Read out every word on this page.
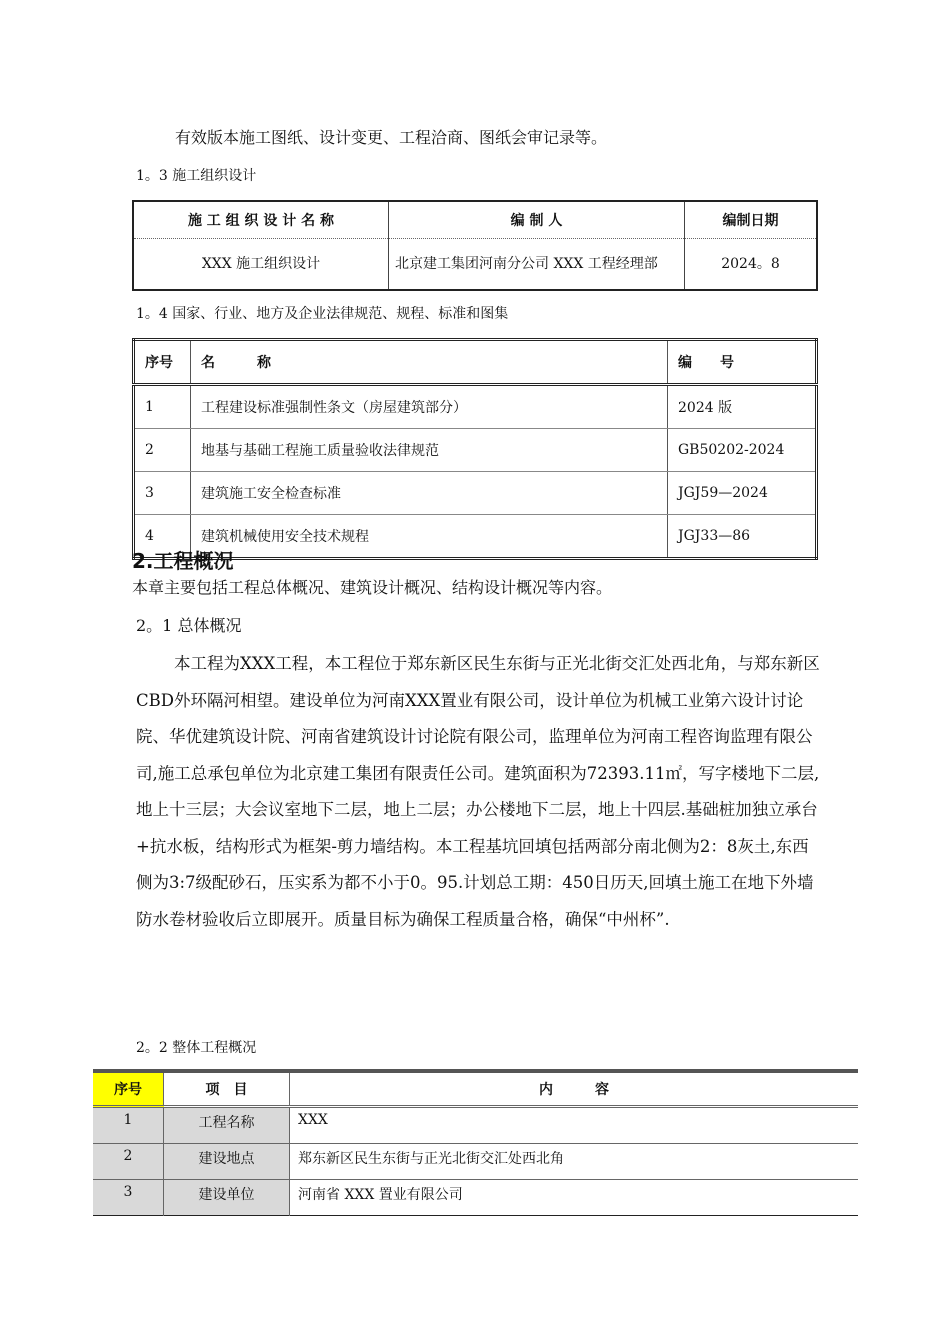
有效版本施工图纸、设计变更、工程洽商、图纸会审记录等。
1。3 施工组织设计
施 工 组 织 设 计 名 称	编 制 人	编制日期
XXX 施工组织设计	北京建工集团河南分公司 XXX 工程经理部	2024。8
1。4 国家、行业、地方及企业法律规范、规程、标准和图集
序号	名　　　称	编　　号
1	工程建设标准强制性条文（房屋建筑部分）	2024 版
2	地基与基础工程施工质量验收法律规范	GB50202-2024
3	建筑施工安全检查标准	JGJ59—2024
4	建筑机械使用安全技术规程	JGJ33—86
2.工程概况
本章主要包括工程总体概况、建筑设计概况、结构设计概况等内容。
2。1 总体概况
本工程为XXX工程，本工程位于郑东新区民生东街与正光北街交汇处西北角，与郑东新区CBD外环隔河相望。建设单位为河南XXX置业有限公司，设计单位为机械工业第六设计讨论院、华优建筑设计院、河南省建筑设计讨论院有限公司，监理单位为河南工程咨询监理有限公司,施工总承包单位为北京建工集团有限责任公司。建筑面积为72393.11㎡，写字楼地下二层,地上十三层；大会议室地下二层，地上二层；办公楼地下二层，地上十四层.基础桩加独立承台+抗水板，结构形式为框架-剪力墙结构。本工程基坑回填包括两部分南北侧为2：8灰土,东西侧为3:7级配砂石，压实系为都不小于0。95.计划总工期：450日历天,回填土施工在地下外墙防水卷材验收后立即展开。质量目标为确保工程质量合格，确保“中州杯”.
2。2 整体工程概况
序号	项　目	内　　　容
1	工程名称	XXX
2	建设地点	郑东新区民生东街与正光北街交汇处西北角
3	建设单位	河南省 XXX 置业有限公司
